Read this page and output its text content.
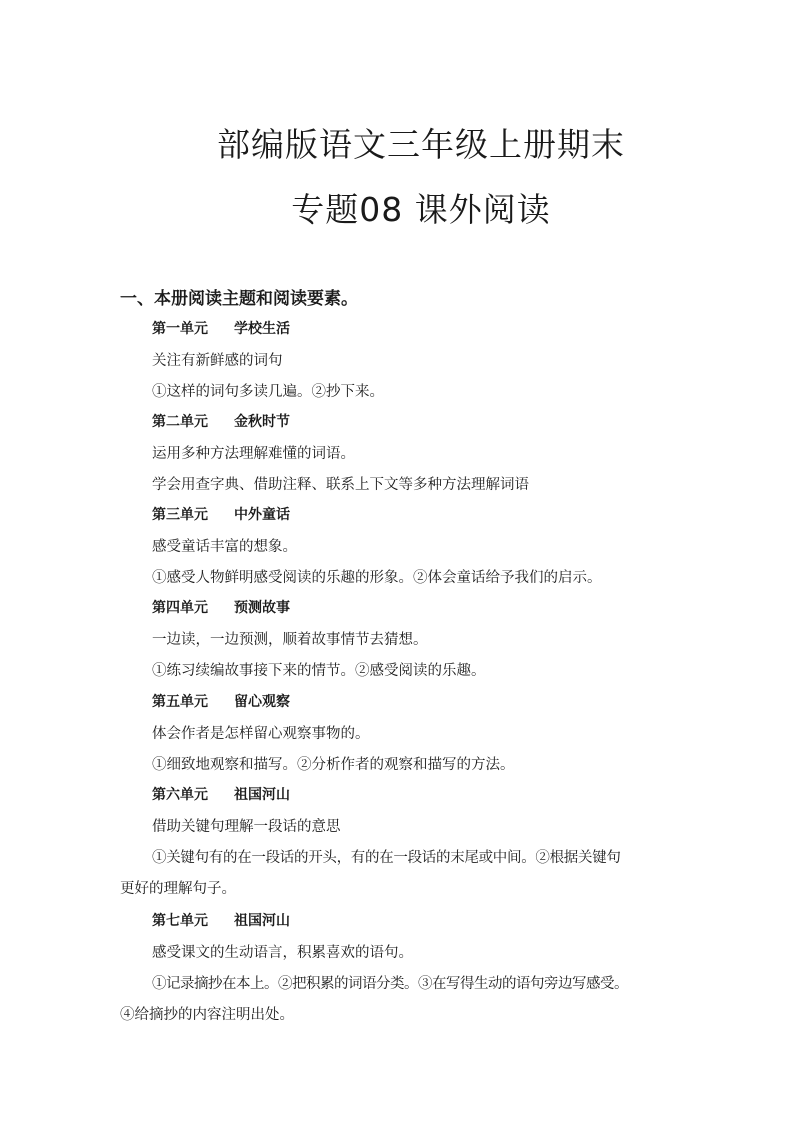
部编版语文三年级上册期末
专题08 课外阅读
一、本册阅读主题和阅读要素。
第一单元 学校生活
关注有新鲜感的词句
①这样的词句多读几遍。②抄下来。
第二单元 金秋时节
运用多种方法理解难懂的词语。
学会用查字典、借助注释、联系上下文等多种方法理解词语
第三单元 中外童话
感受童话丰富的想象。
①感受人物鲜明感受阅读的乐趣的形象。②体会童话给予我们的启示。
第四单元 预测故事
一边读，一边预测，顺着故事情节去猜想。
①练习续编故事接下来的情节。②感受阅读的乐趣。
第五单元 留心观察
体会作者是怎样留心观察事物的。
①细致地观察和描写。②分析作者的观察和描写的方法。
第六单元 祖国河山
借助关键句理解一段话的意思
①关键句有的在一段话的开头，有的在一段话的末尾或中间。②根据关键句
更好的理解句子。
第七单元 祖国河山
感受课文的生动语言，积累喜欢的语句。
①记录摘抄在本上。②把积累的词语分类。③在写得生动的语句旁边写感受。
④给摘抄的内容注明出处。
